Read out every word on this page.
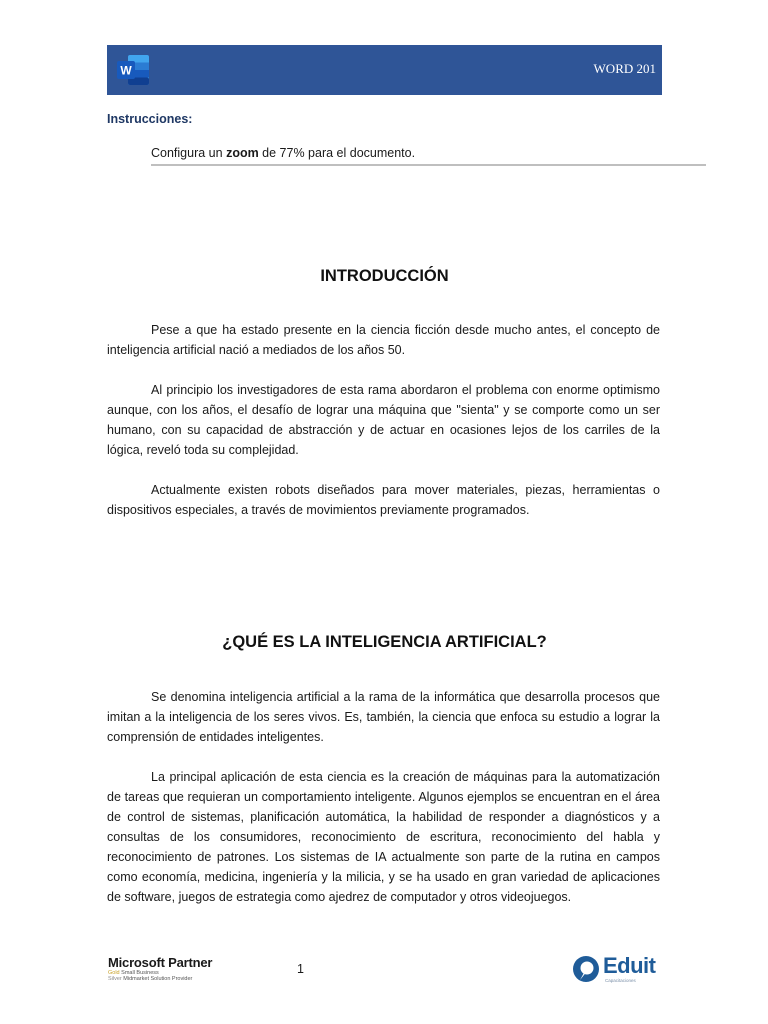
W	WORD 201
Instrucciones:
Configura un zoom de 77% para el documento.
INTRODUCCIÓN

Pese a que ha estado presente en la ciencia ficción desde mucho antes, el concepto de inteligencia artificial nació a mediados de los años 50.

Al principio los investigadores de esta rama abordaron el problema con enorme optimismo aunque, con los años, el desafío de lograr una máquina que "sienta" y se comporte como un ser humano, con su capacidad de abstracción y de actuar en ocasiones lejos de los carriles de la lógica, reveló toda su complejidad.

Actualmente existen robots diseñados para mover materiales, piezas, herramientas o dispositivos especiales, a través de movimientos previamente programados.

¿QUÉ ES LA INTELIGENCIA ARTIFICIAL?

Se denomina inteligencia artificial a la rama de la informática que desarrolla procesos que imitan a la inteligencia de los seres vivos. Es, también, la ciencia que enfoca su estudio a lograr la comprensión de entidades inteligentes.

La principal aplicación de esta ciencia es la creación de máquinas para la automatización de tareas que requieran un comportamiento inteligente. Algunos ejemplos se encuentran en el área de control de sistemas, planificación automática, la habilidad de responder a diagnósticos y a consultas de los consumidores, reconocimiento de escritura, reconocimiento del habla y reconocimiento de patrones. Los sistemas de IA actualmente son parte de la rutina en campos como economía, medicina, ingeniería y la milicia, y se ha usado en gran variedad de aplicaciones de software, juegos de estrategia como ajedrez de computador y otros videojuegos.

Microsoft Partner
Gold Small Business
Silver Midmarket Solution Provider
1	Eduit
Capacitaciones
